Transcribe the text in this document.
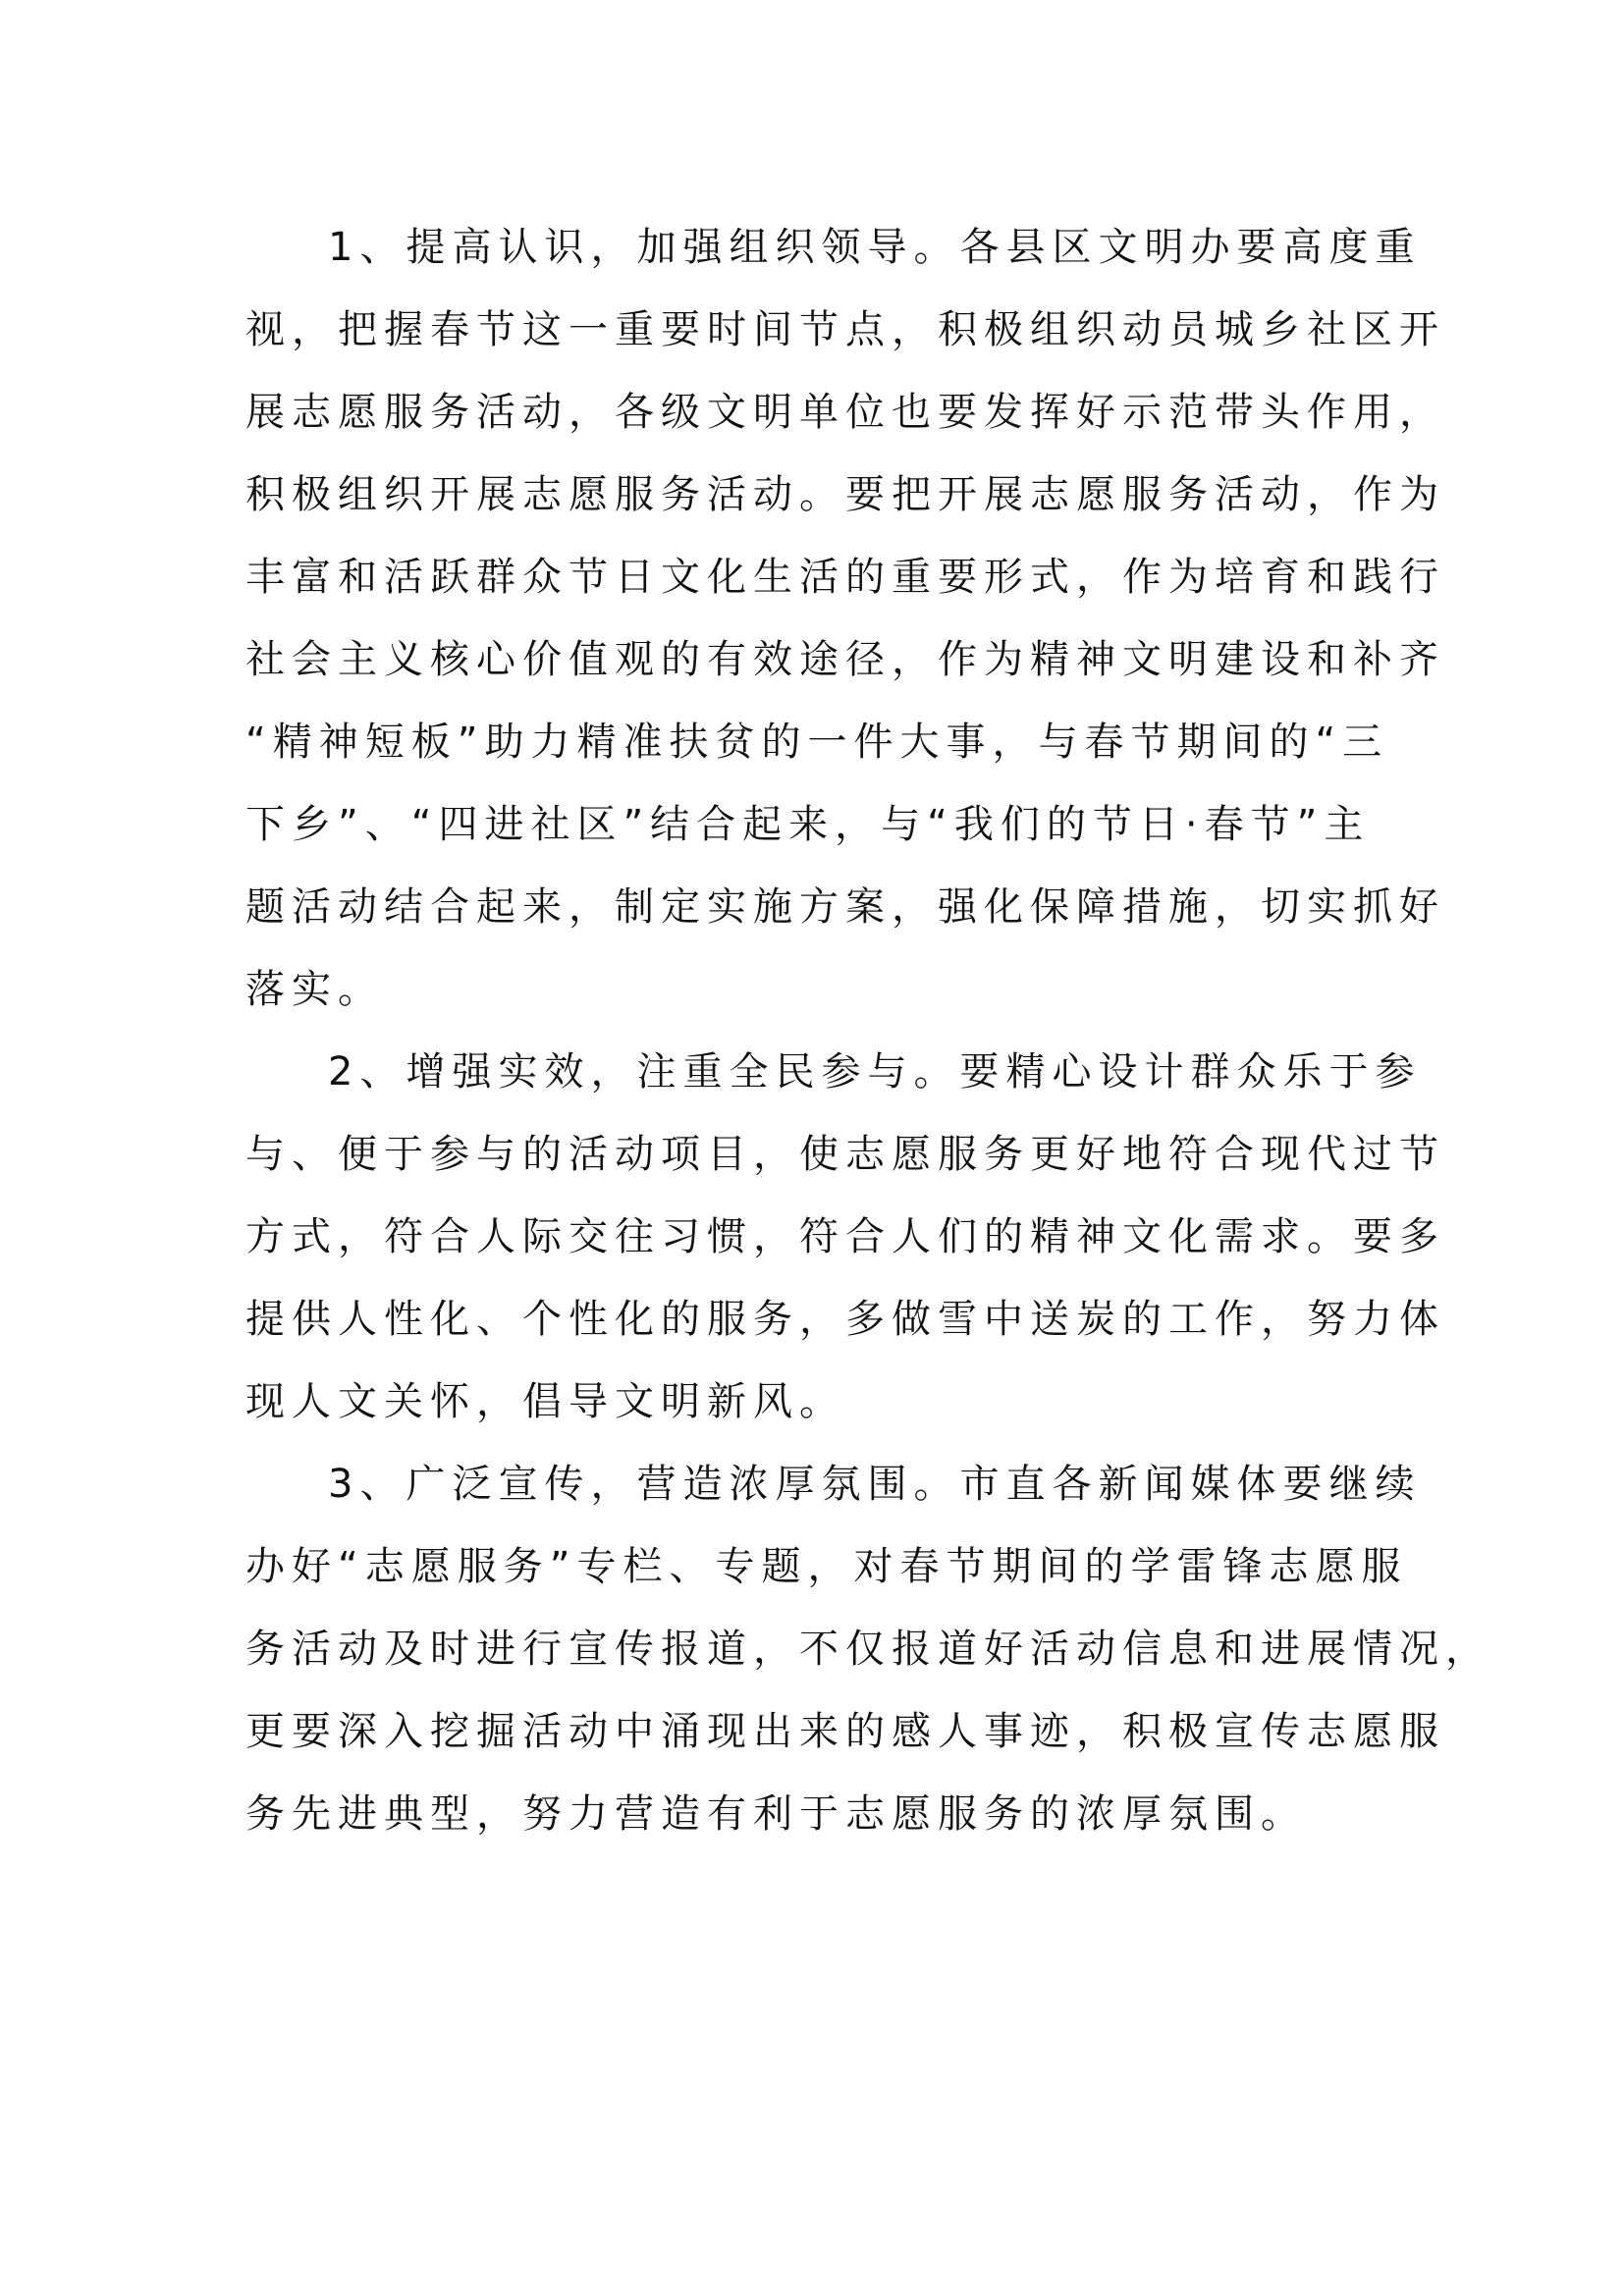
1、提高认识，加强组织领导。各县区文明办要高度重
视，把握春节这一重要时间节点，积极组织动员城乡社区开
展志愿服务活动，各级文明单位也要发挥好示范带头作用，
积极组织开展志愿服务活动。要把开展志愿服务活动，作为
丰富和活跃群众节日文化生活的重要形式，作为培育和践行
社会主义核心价值观的有效途径，作为精神文明建设和补齐
“精神短板”助力精准扶贫的一件大事，与春节期间的“三
下乡”、“四进社区”结合起来，与“我们的节日·春节”主
题活动结合起来，制定实施方案，强化保障措施，切实抓好
落实。
2、增强实效，注重全民参与。要精心设计群众乐于参
与、便于参与的活动项目，使志愿服务更好地符合现代过节
方式，符合人际交往习惯，符合人们的精神文化需求。要多
提供人性化、个性化的服务，多做雪中送炭的工作，努力体
现人文关怀，倡导文明新风。
3、广泛宣传，营造浓厚氛围。市直各新闻媒体要继续
办好“志愿服务”专栏、专题，对春节期间的学雷锋志愿服
务活动及时进行宣传报道，不仅报道好活动信息和进展情况，
更要深入挖掘活动中涌现出来的感人事迹，积极宣传志愿服
务先进典型，努力营造有利于志愿服务的浓厚氛围。
